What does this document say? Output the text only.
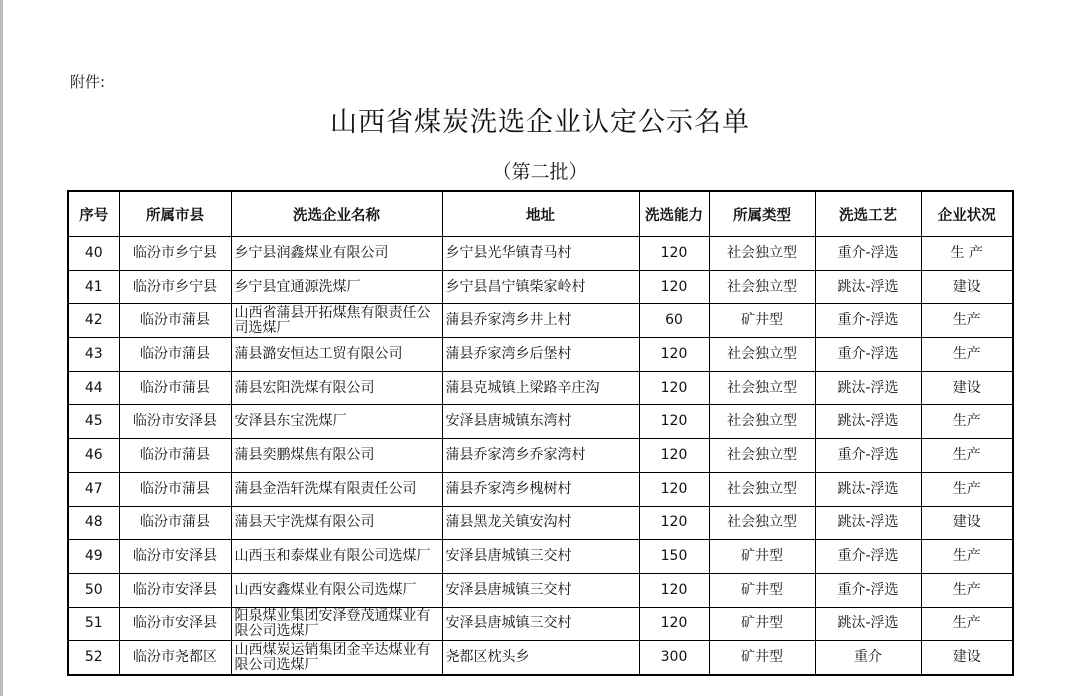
附件:
山西省煤炭洗选企业认定公示名单
（第二批）
序号	所属市县	洗选企业名称	地址	洗选能力	所属类型	洗选工艺	企业状况
40	临汾市乡宁县	乡宁县润鑫煤业有限公司	乡宁县光华镇青马村	120	社会独立型	重介-浮选	生 产
41	临汾市乡宁县	乡宁县宜通源洗煤厂	乡宁县昌宁镇柴家岭村	120	社会独立型	跳汰-浮选	建设
42	临汾市蒲县	山西省蒲县开拓煤焦有限责任公司选煤厂	蒲县乔家湾乡井上村	60	矿井型	重介-浮选	生产
43	临汾市蒲县	蒲县潞安恒达工贸有限公司	蒲县乔家湾乡后堡村	120	社会独立型	重介-浮选	生产
44	临汾市蒲县	蒲县宏阳洗煤有限公司	蒲县克城镇上梁路辛庄沟	120	社会独立型	跳汰-浮选	建设
45	临汾市安泽县	安泽县东宝洗煤厂	安泽县唐城镇东湾村	120	社会独立型	跳汰-浮选	生产
46	临汾市蒲县	蒲县奕鹏煤焦有限公司	蒲县乔家湾乡乔家湾村	120	社会独立型	重介-浮选	生产
47	临汾市蒲县	蒲县金浩轩洗煤有限责任公司	蒲县乔家湾乡槐树村	120	社会独立型	跳汰-浮选	生产
48	临汾市蒲县	蒲县天宇洗煤有限公司	蒲县黑龙关镇安沟村	120	社会独立型	跳汰-浮选	建设
49	临汾市安泽县	山西玉和泰煤业有限公司选煤厂	安泽县唐城镇三交村	150	矿井型	重介-浮选	生产
50	临汾市安泽县	山西安鑫煤业有限公司选煤厂	安泽县唐城镇三交村	120	矿井型	重介-浮选	生产
51	临汾市安泽县	阳泉煤业集团安泽登茂通煤业有限公司选煤厂	安泽县唐城镇三交村	120	矿井型	跳汰-浮选	生产
52	临汾市尧都区	山西煤炭运销集团金辛达煤业有限公司选煤厂	尧都区枕头乡	300	矿井型	重介	建设
